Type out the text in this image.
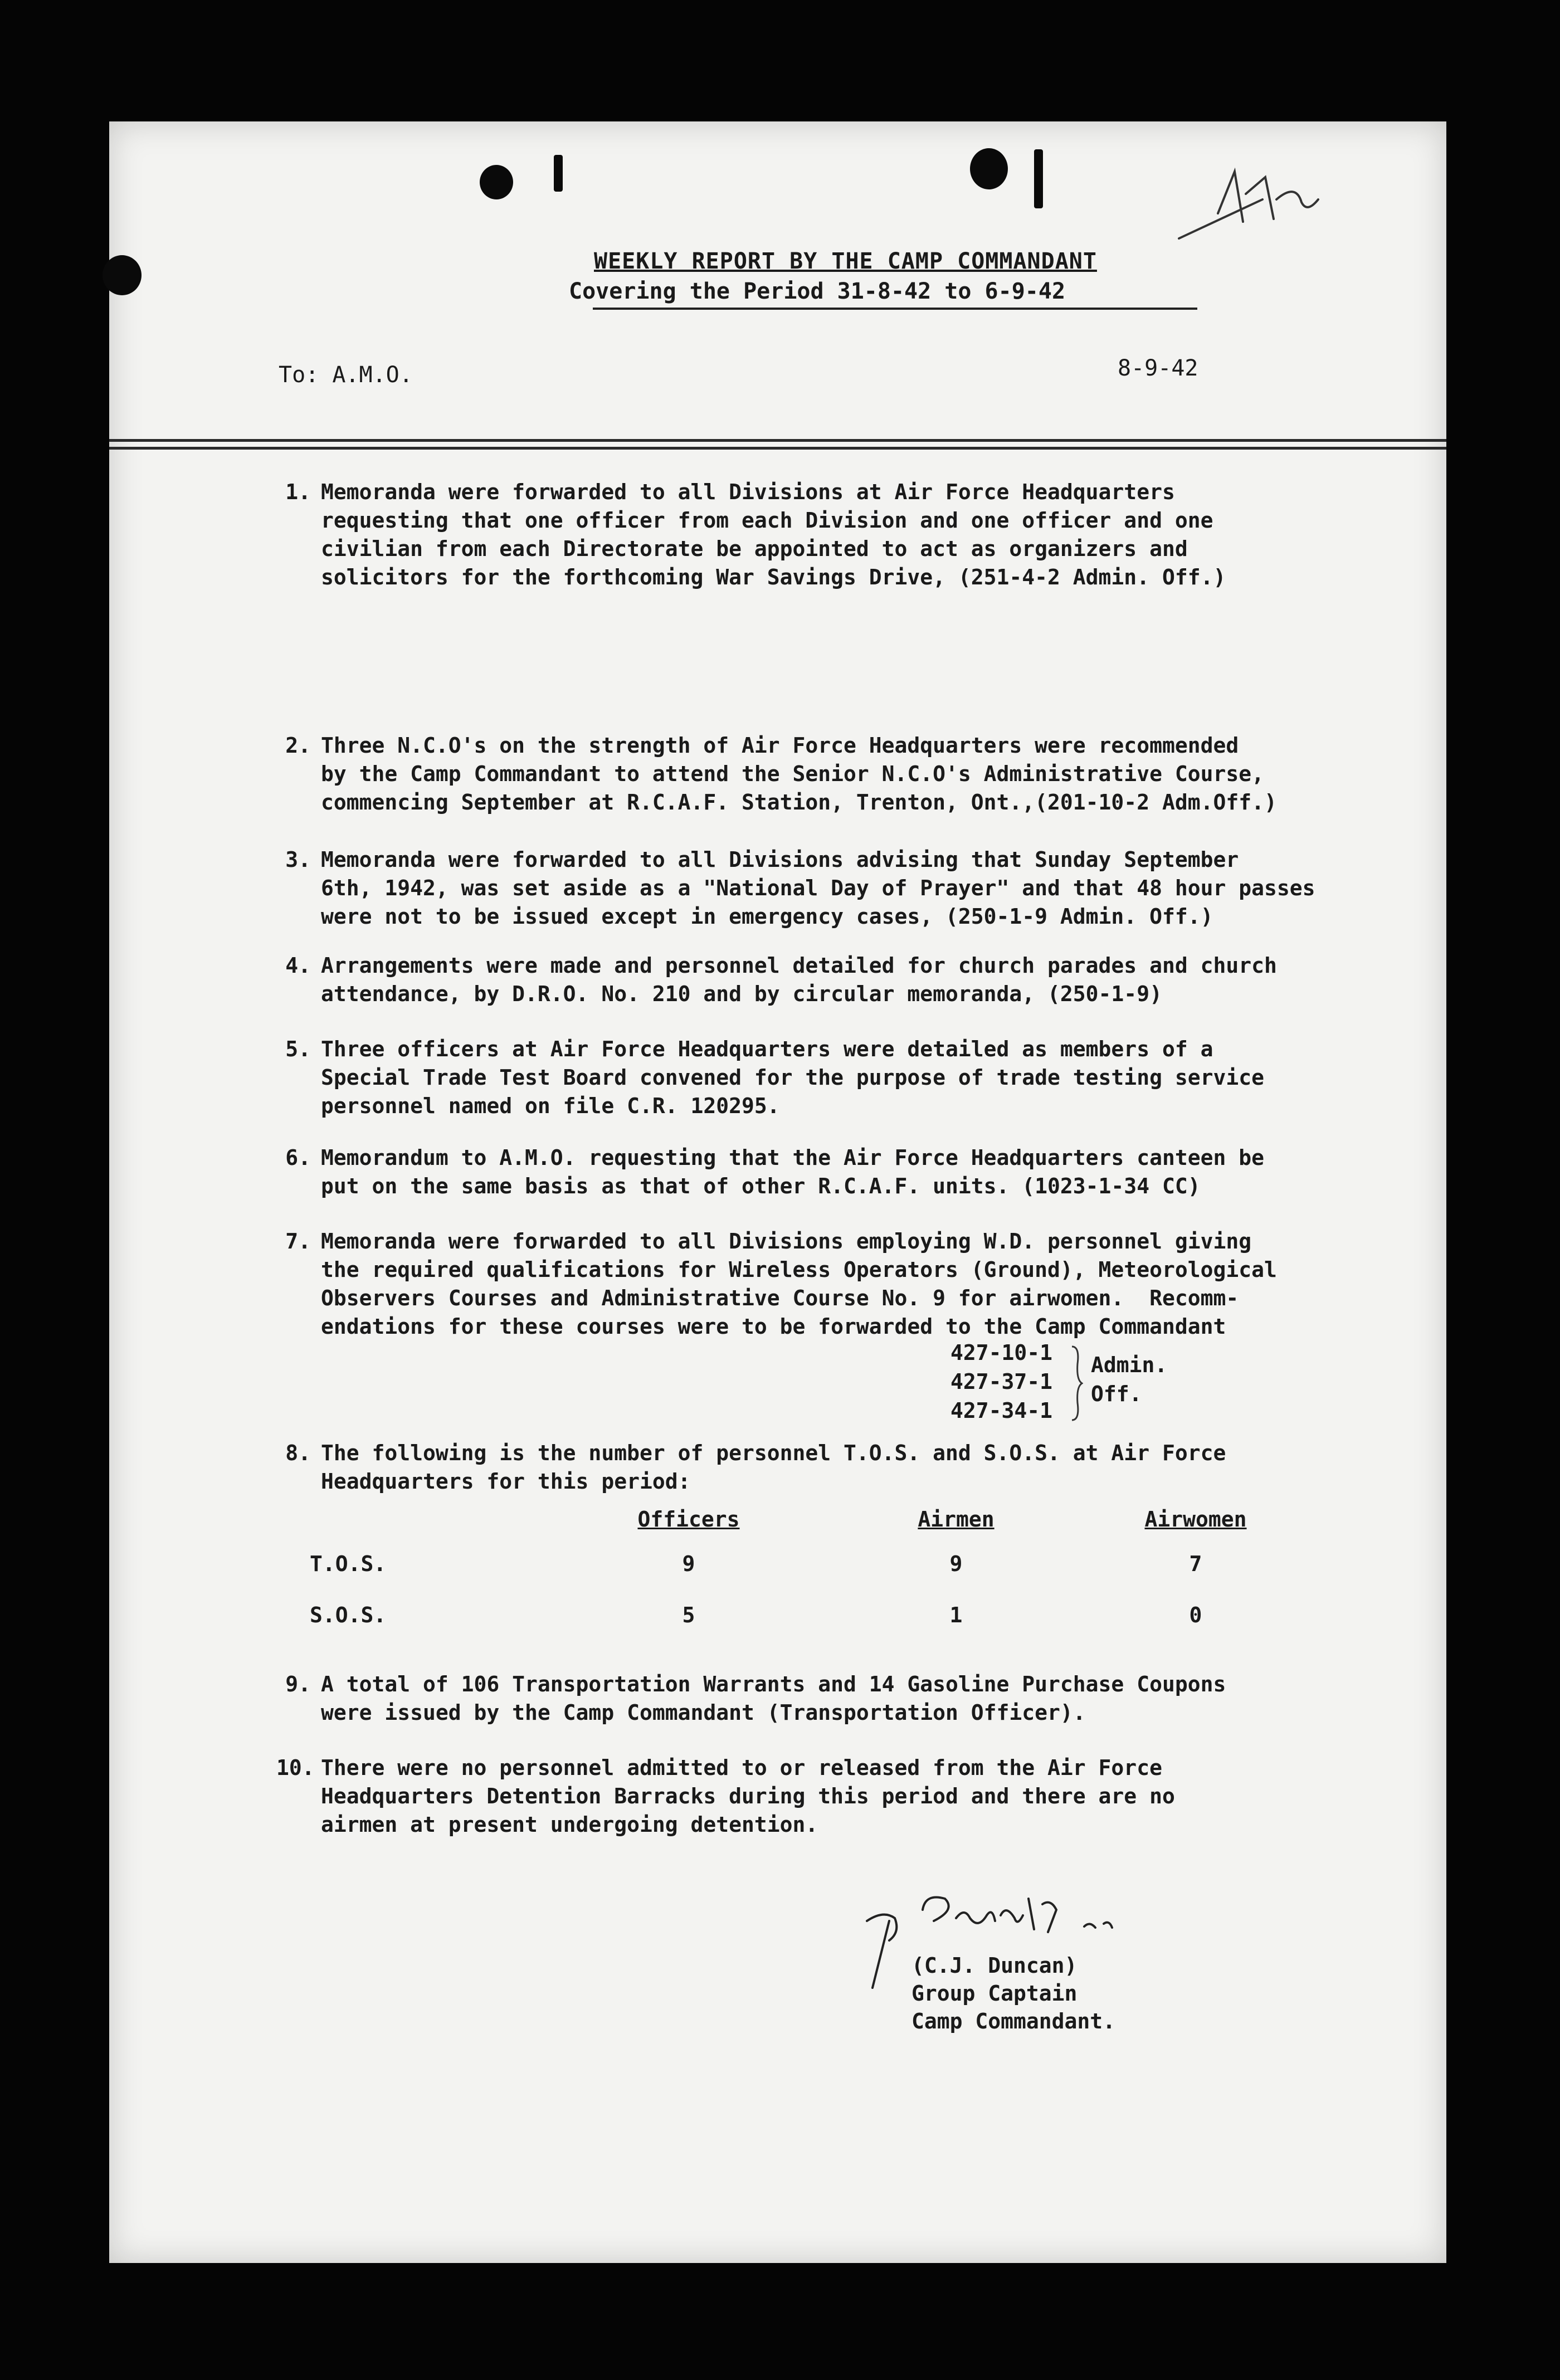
WEEKLY REPORT BY THE CAMP COMMANDANT
Covering the Period 31-8-42 to 6-9-42
To: A.M.O.	8-9-42
1. Memoranda were forwarded to all Divisions at Air Force Headquarters
requesting that one officer from each Division and one officer and one
civilian from each Directorate be appointed to act as organizers and
solicitors for the forthcoming War Savings Drive, (251-4-2 Admin. Off.)
2. Three N.C.O's on the strength of Air Force Headquarters were recommended
by the Camp Commandant to attend the Senior N.C.O's Administrative Course,
commencing September at R.C.A.F. Station, Trenton, Ont.,(201-10-2 Adm.Off.)
3. Memoranda were forwarded to all Divisions advising that Sunday September
6th, 1942, was set aside as a "National Day of Prayer" and that 48 hour passes
were not to be issued except in emergency cases, (250-1-9 Admin. Off.)
4. Arrangements were made and personnel detailed for church parades and church
attendance, by D.R.O. No. 210 and by circular memoranda, (250-1-9)
5. Three officers at Air Force Headquarters were detailed as members of a
Special Trade Test Board convened for the purpose of trade testing service
personnel named on file C.R. 120295.
6. Memorandum to A.M.O. requesting that the Air Force Headquarters canteen be
put on the same basis as that of other R.C.A.F. units. (1023-1-34 CC)
7. Memoranda were forwarded to all Divisions employing W.D. personnel giving
the required qualifications for Wireless Operators (Ground), Meteorological
Observers Courses and Administrative Course No. 9 for airwomen.  Recomm-
endations for these courses were to be forwarded to the Camp Commandant
427-10-1
427-37-1
427-34-1
Admin.
Off.
8. The following is the number of personnel T.O.S. and S.O.S. at Air Force
Headquarters for this period:
	Officers	Airmen	Airwomen
T.O.S.	9	9	7
S.O.S.	5	1	0
9. A total of 106 Transportation Warrants and 14 Gasoline Purchase Coupons
were issued by the Camp Commandant (Transportation Officer).
10. There were no personnel admitted to or released from the Air Force
Headquarters Detention Barracks during this period and there are no
airmen at present undergoing detention.
(C.J. Duncan)
Group Captain
Camp Commandant.
